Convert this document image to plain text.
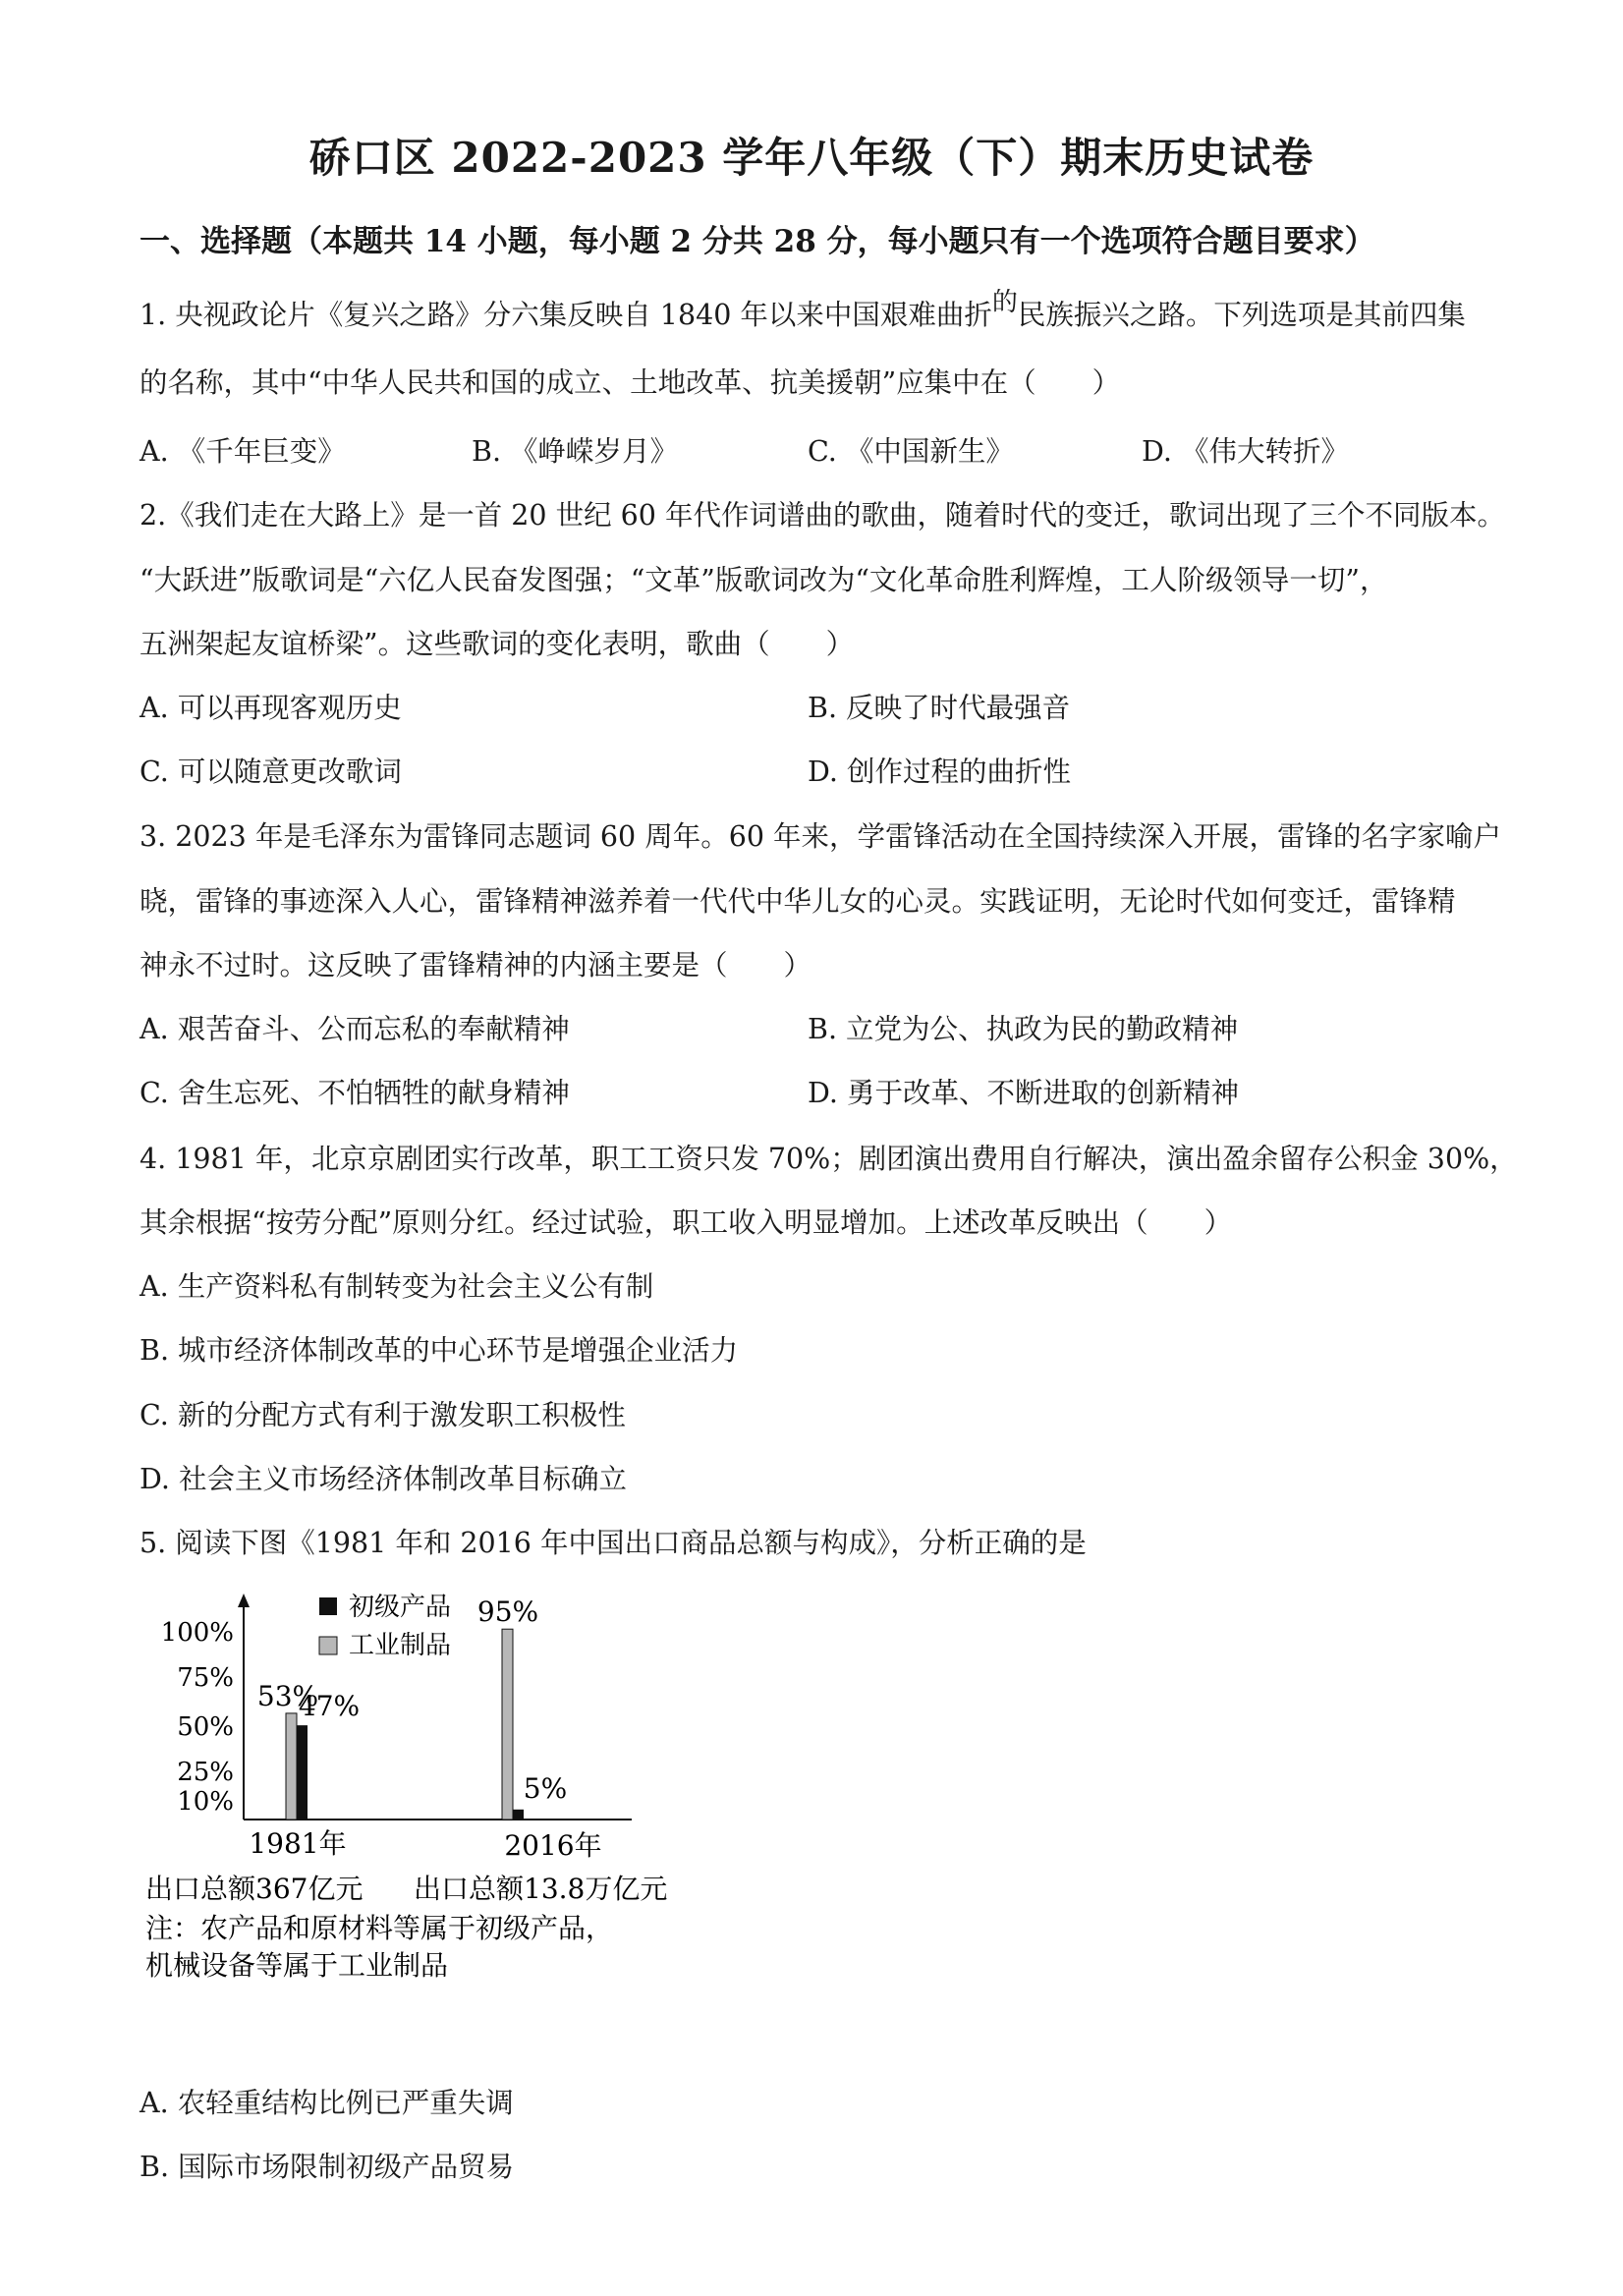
硚口区 2022-2023 学年八年级（下）期末历史试卷
一、选择题（本题共 14 小题，每小题 2 分共 28 分，每小题只有一个选项符合题目要求）
1. 央视政论片《复兴之路》分六集反映自 1840 年以来中国艰难曲折的民族振兴之路。下列选项是其前四集
的名称，其中“中华人民共和国的成立、土地改革、抗美援朝”应集中在（　　）
A. 《千年巨变》	B. 《峥嵘岁月》	C. 《中国新生》	D. 《伟大转折》
2.《我们走在大路上》是一首 20 世纪 60 年代作词谱曲的歌曲，随着时代的变迁，歌词出现了三个不同版本。
“大跃进”版歌词是“六亿人民奋发图强；“文革”版歌词改为“文化革命胜利辉煌，工人阶级领导一切”，
五洲架起友谊桥梁”。这些歌词的变化表明，歌曲（　　）
A. 可以再现客观历史	B. 反映了时代最强音
C. 可以随意更改歌词	D. 创作过程的曲折性
3. 2023 年是毛泽东为雷锋同志题词 60 周年。60 年来，学雷锋活动在全国持续深入开展，雷锋的名字家喻户
晓，雷锋的事迹深入人心，雷锋精神滋养着一代代中华儿女的心灵。实践证明，无论时代如何变迁，雷锋精
神永不过时。这反映了雷锋精神的内涵主要是（　　）
A. 艰苦奋斗、公而忘私的奉献精神	B. 立党为公、执政为民的勤政精神
C. 舍生忘死、不怕牺牲的献身精神	D. 勇于改革、不断进取的创新精神
4. 1981 年，北京京剧团实行改革，职工工资只发 70%；剧团演出费用自行解决，演出盈余留存公积金 30%，
其余根据“按劳分配”原则分红。经过试验，职工收入明显增加。上述改革反映出（　　）
A. 生产资料私有制转变为社会主义公有制
B. 城市经济体制改革的中心环节是增强企业活力
C. 新的分配方式有利于激发职工积极性
D. 社会主义市场经济体制改革目标确立
5. 阅读下图《1981 年和 2016 年中国出口商品总额与构成》，分析正确的是
初级产品
工业制品
100%
75%
50%
25%
10%
53%
47%
95%
5%
1981年	2016年
出口总额367亿元 出口总额13.8万亿元
注：农产品和原材料等属于初级产品，
机械设备等属于工业制品
A. 农轻重结构比例已严重失调
B. 国际市场限制初级产品贸易
